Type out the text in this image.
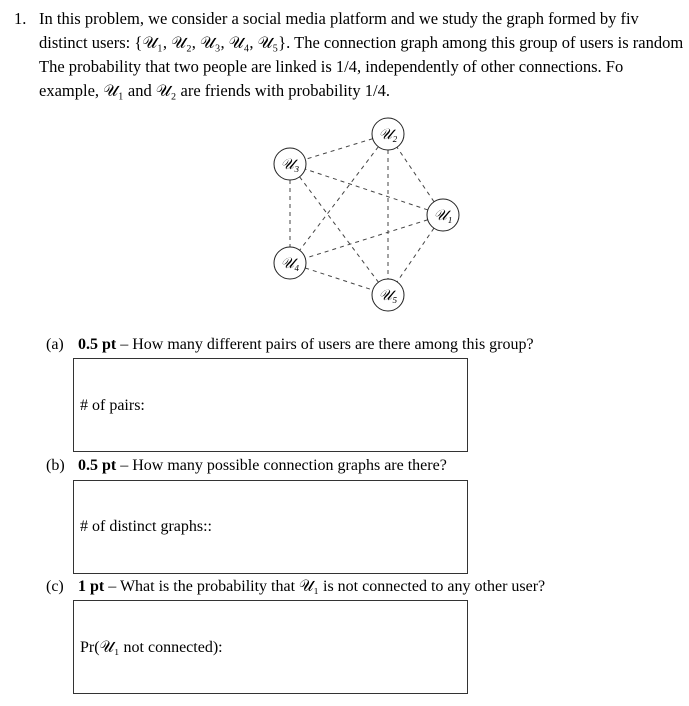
1. In this problem, we consider a social media platform and we study the graph formed by fiv
distinct users: {𝒰₁, 𝒰₂, 𝒰₃, 𝒰₄, 𝒰₅}. The connection graph among this group of users is random
The probability that two people are linked is 1/4, independently of other connections. Fo
example, 𝒰₁ and 𝒰₂ are friends with probability 1/4.
𝒰₁
𝒰₂
𝒰₃
𝒰₄
𝒰₅
(a) 0.5 pt – How many different pairs of users are there among this group?
# of pairs:
(b) 0.5 pt – How many possible connection graphs are there?
# of distinct graphs::
(c) 1 pt – What is the probability that 𝒰₁ is not connected to any other user?
Pr(𝒰₁ not connected):
